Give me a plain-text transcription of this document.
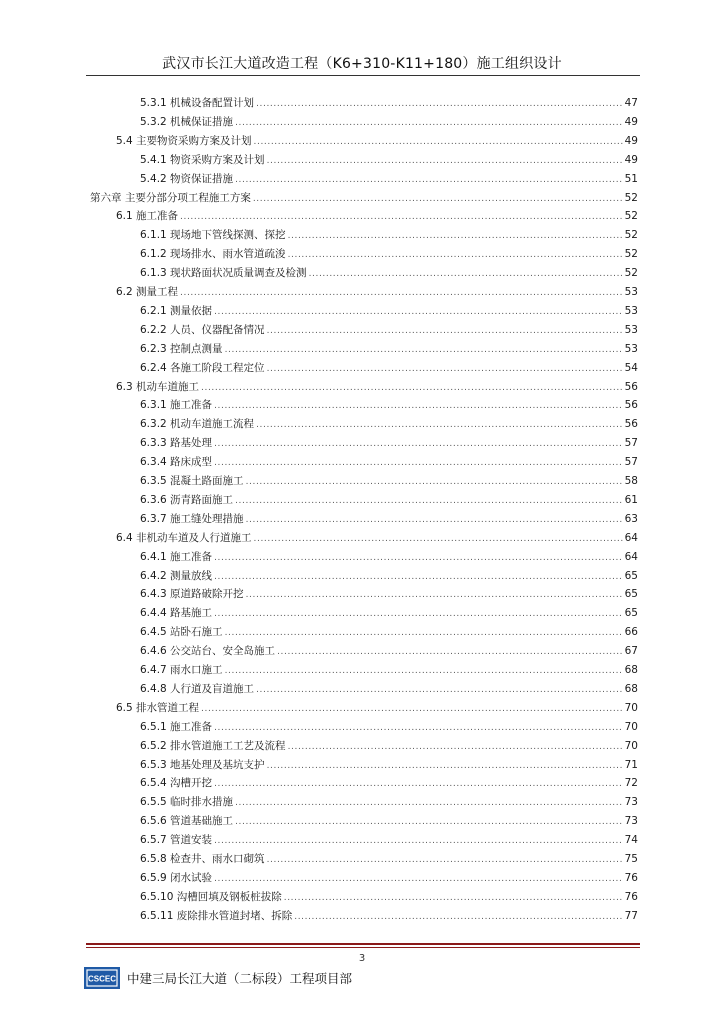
武汉市长江大道改造工程（K6+310-K11+180）施工组织设计
5.3.1 机械设备配置计划 .....	47
5.3.2 机械保证措施 .....	49
5.4 主要物资采购方案及计划 .....	49
5.4.1 物资采购方案及计划 .....	49
5.4.2 物资保证措施 .....	51
第六章 主要分部分项工程施工方案 .....	52
6.1 施工准备 .....	52
6.1.1 现场地下管线探测、探挖 .....	52
6.1.2 现场排水、雨水管道疏浚 .....	52
6.1.3 现状路面状况质量调查及检测 .....	52
6.2 测量工程 .....	53
6.2.1 测量依据 .....	53
6.2.2 人员、仪器配备情况 .....	53
6.2.3 控制点测量 .....	53
6.2.4 各施工阶段工程定位 .....	54
6.3 机动车道施工 .....	56
6.3.1 施工准备 .....	56
6.3.2 机动车道施工流程 .....	56
6.3.3 路基处理 .....	57
6.3.4 路床成型 .....	57
6.3.5 混凝土路面施工 .....	58
6.3.6 沥青路面施工 .....	61
6.3.7 施工缝处理措施 .....	63
6.4 非机动车道及人行道施工 .....	64
6.4.1 施工准备 .....	64
6.4.2 测量放线 .....	65
6.4.3 原道路破除开挖 .....	65
6.4.4 路基施工 .....	65
6.4.5 站卧石施工 .....	66
6.4.6 公交站台、安全岛施工 .....	67
6.4.7 雨水口施工 .....	68
6.4.8 人行道及盲道施工 .....	68
6.5 排水管道工程 .....	70
6.5.1 施工准备 .....	70
6.5.2 排水管道施工工艺及流程 .....	70
6.5.3 地基处理及基坑支护 .....	71
6.5.4 沟槽开挖 .....	72
6.5.5 临时排水措施 .....	73
6.5.6 管道基础施工 .....	73
6.5.7 管道安装 .....	74
6.5.8 检查井、雨水口砌筑 .....	75
6.5.9 闭水试验 .....	76
6.5.10 沟槽回填及钢板桩拔除 .....	76
6.5.11 废除排水管道封堵、拆除 .....	77
3
CSCEC 中建三局长江大道（二标段）工程项目部
